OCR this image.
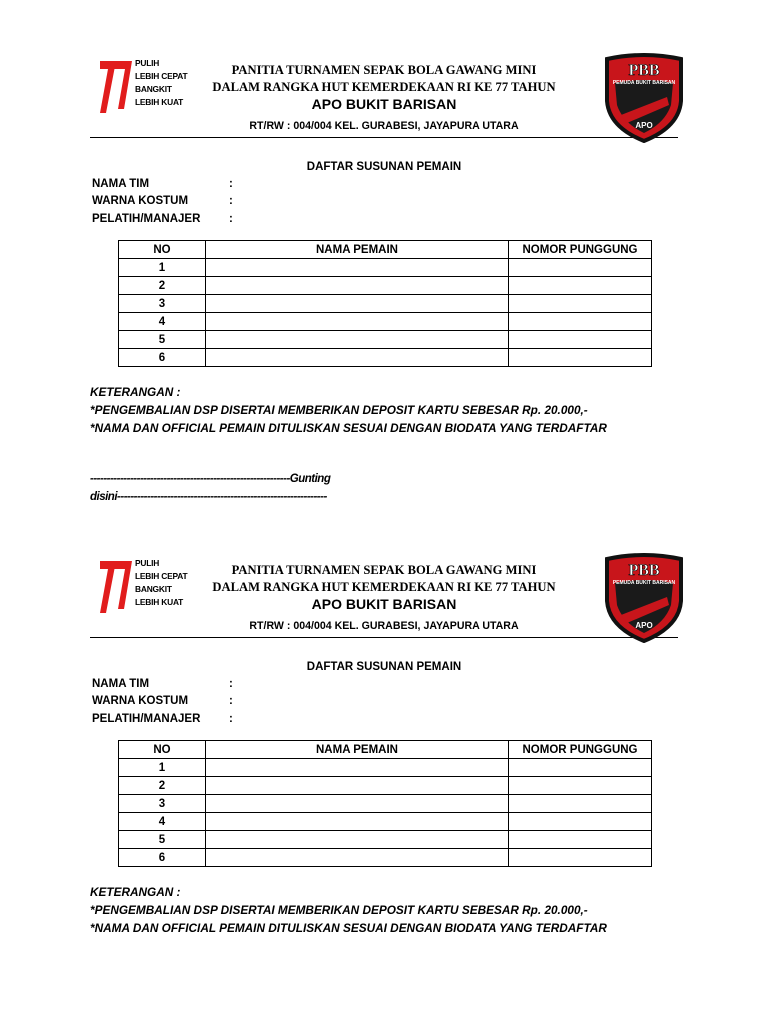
PULIH
LEBIH CEPAT
BANGKIT
LEBIH KUAT
PANITIA TURNAMEN SEPAK BOLA GAWANG MINI
DALAM RANGKA HUT KEMERDEKAAN RI KE 77 TAHUN
APO BUKIT BARISAN
RT/RW : 004/004 KEL. GURABESI, JAYAPURA UTARA
PBB
PEMUDA BUKIT BARISAN
APO
DAFTAR SUSUNAN PEMAIN
NAMA TIM	:
WARNA KOSTUM	:
PELATIH/MANAJER :
NO	NAMA PEMAIN	NOMOR PUNGGUNG
1		
2		
3		
4		
5		
6		
KETERANGAN :
*PENGEMBALIAN DSP DISERTAI MEMBERIKAN DEPOSIT KARTU SEBESAR Rp. 20.000,-
*NAMA DAN OFFICIAL PEMAIN DITULISKAN SESUAI DENGAN BIODATA YANG TERDAFTAR
------------------------------------------------------------Gunting
disini---------------------------------------------------------------
PULIH
LEBIH CEPAT
BANGKIT
LEBIH KUAT
PANITIA TURNAMEN SEPAK BOLA GAWANG MINI
DALAM RANGKA HUT KEMERDEKAAN RI KE 77 TAHUN
APO BUKIT BARISAN
RT/RW : 004/004 KEL. GURABESI, JAYAPURA UTARA
PBB
PEMUDA BUKIT BARISAN
APO
DAFTAR SUSUNAN PEMAIN
NAMA TIM	:
WARNA KOSTUM	:
PELATIH/MANAJER :
NO	NAMA PEMAIN	NOMOR PUNGGUNG
1		
2		
3		
4		
5		
6		
KETERANGAN :
*PENGEMBALIAN DSP DISERTAI MEMBERIKAN DEPOSIT KARTU SEBESAR Rp. 20.000,-
*NAMA DAN OFFICIAL PEMAIN DITULISKAN SESUAI DENGAN BIODATA YANG TERDAFTAR
